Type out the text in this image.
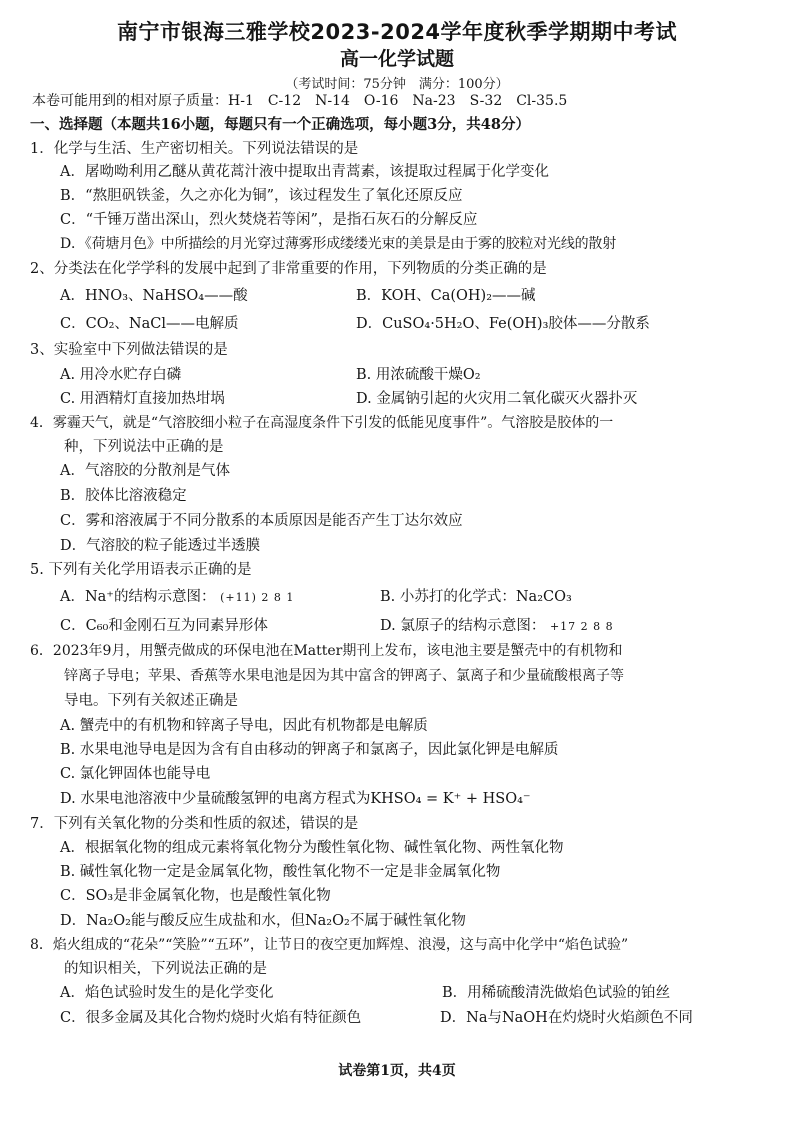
南宁市银海三雅学校2023-2024学年度秋季学期期中考试
高一化学试题
（考试时间：75分钟　满分：100分）
本卷可能用到的相对原子质量：H-1　C-12　N-14　O-16　Na-23　S-32　Cl-35.5
一、选择题（本题共16小题，每题只有一个正确选项，每小题3分，共48分）
1．化学与生活、生产密切相关。下列说法错误的是
A．屠呦呦利用乙醚从黄花蒿汁液中提取出青蒿素，该提取过程属于化学变化
B．“熬胆矾铁釜，久之亦化为铜”，该过程发生了氧化还原反应
C．“千锤万凿出深山，烈火焚烧若等闲”，是指石灰石的分解反应
D．《荷塘月色》中所描绘的月光穿过薄雾形成缕缕光束的美景是由于雾的胶粒对光线的散射
2、分类法在化学学科的发展中起到了非常重要的作用，下列物质的分类正确的是
A．HNO₃、NaHSO₄——酸	B．KOH、Ca(OH)₂——碱
C．CO₂、NaCl——电解质	D．CuSO₄·5H₂O、Fe(OH)₃胶体——分散系
3、实验室中下列做法错误的是
A. 用冷水贮存白磷	B. 用浓硫酸干燥O₂
C. 用酒精灯直接加热坩埚	D. 金属钠引起的火灾用二氧化碳灭火器扑灭
4．雾霾天气，就是“气溶胶细小粒子在高湿度条件下引发的低能见度事件”。气溶胶是胶体的一
种，下列说法中正确的是
A．气溶胶的分散剂是气体
B．胶体比溶液稳定
C．雾和溶液属于不同分散系的本质原因是能否产生丁达尔效应
D．气溶胶的粒子能透过半透膜
5. 下列有关化学用语表示正确的是
A．Na⁺的结构示意图： (+11) 2 8 1	B. 小苏打的化学式：Na₂CO₃
C．C₆₀和金刚石互为同素异形体	D. 氯原子的结构示意图： +17 2 8 8
6．2023年9月，用蟹壳做成的环保电池在Matter期刊上发布，该电池主要是蟹壳中的有机物和
锌离子导电；苹果、香蕉等水果电池是因为其中富含的钾离子、氯离子和少量硫酸根离子等
导电。下列有关叙述正确是
A. 蟹壳中的有机物和锌离子导电，因此有机物都是电解质
B. 水果电池导电是因为含有自由移动的钾离子和氯离子，因此氯化钾是电解质
C. 氯化钾固体也能导电
D. 水果电池溶液中少量硫酸氢钾的电离方程式为KHSO₄ = K⁺ + HSO₄⁻
7．下列有关氧化物的分类和性质的叙述，错误的是
A．根据氧化物的组成元素将氧化物分为酸性氧化物、碱性氧化物、两性氧化物
B. 碱性氧化物一定是金属氧化物，酸性氧化物不一定是非金属氧化物
C．SO₃是非金属氧化物，也是酸性氧化物
D．Na₂O₂能与酸反应生成盐和水，但Na₂O₂不属于碱性氧化物
8．焰火组成的“花朵”“笑脸”“五环”，让节日的夜空更加辉煌、浪漫，这与高中化学中“焰色试验”
的知识相关，下列说法正确的是
A．焰色试验时发生的是化学变化	B．用稀硫酸清洗做焰色试验的铂丝
C．很多金属及其化合物灼烧时火焰有特征颜色	D．Na与NaOH在灼烧时火焰颜色不同
试卷第1页，共4页
